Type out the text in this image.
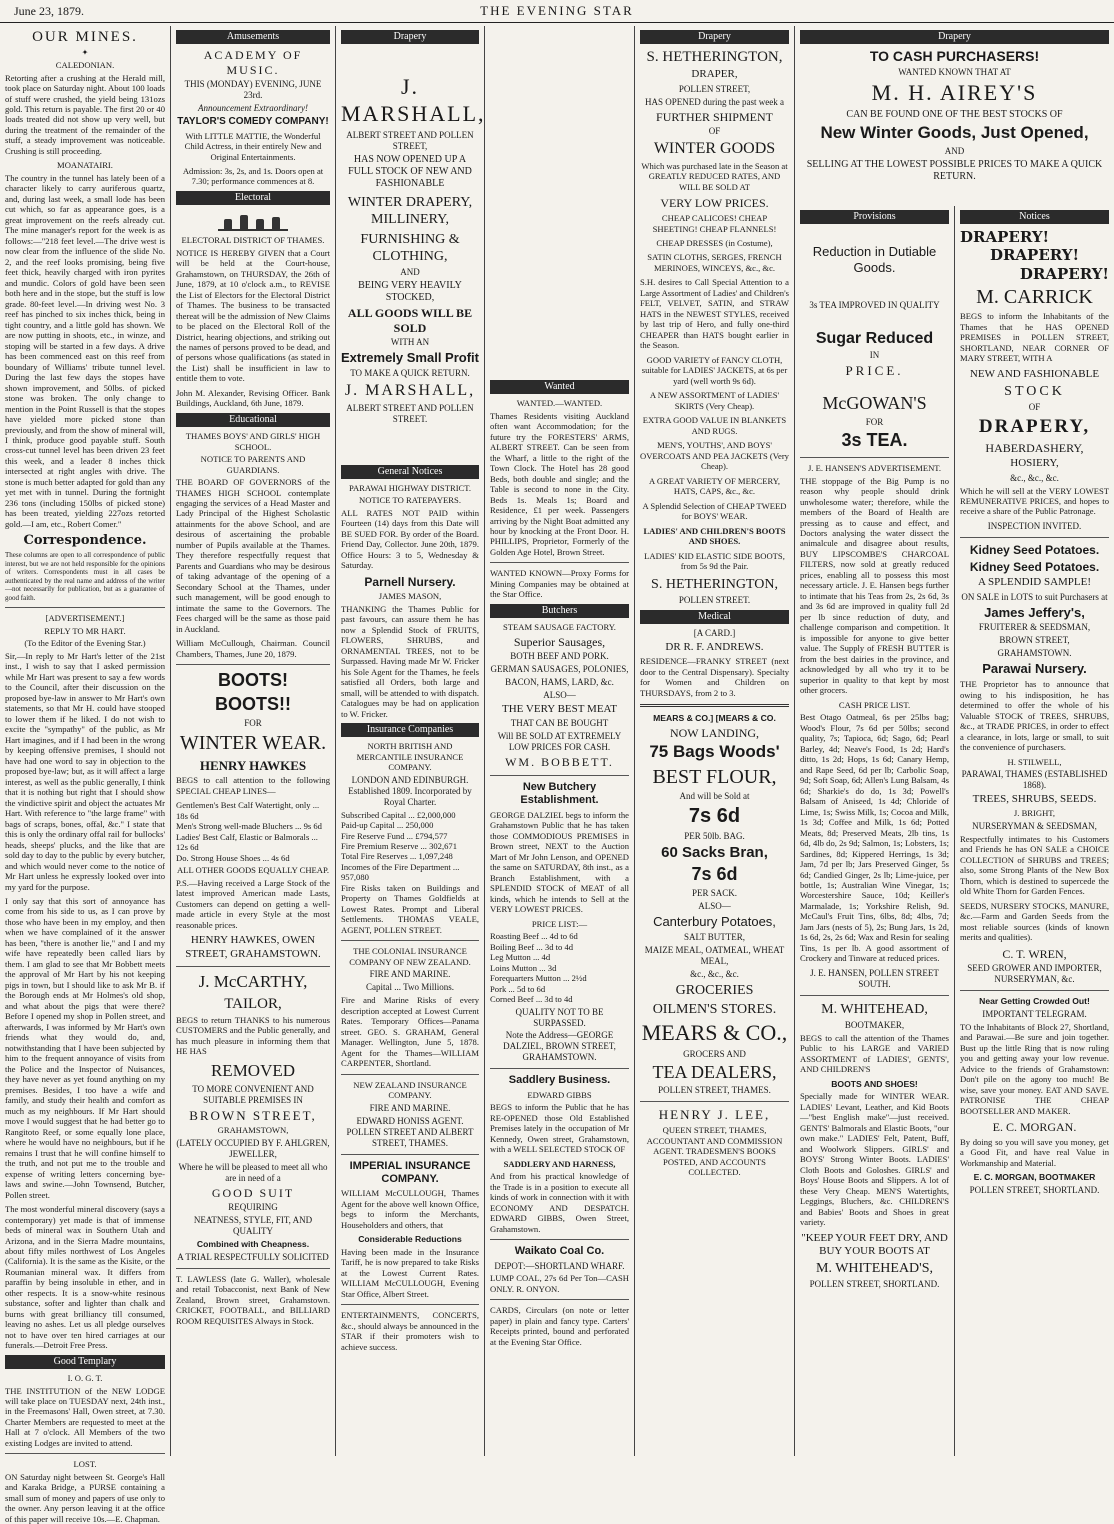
June 23, 1879.	THE EVENING STAR
OUR MINES.
✦
CALEDONIAN.

Retorting after a crushing at the Herald mill, took place on Saturday night. About 100 loads of stuff were crushed, the yield being 131ozs gold. This return is payable. The first 20 or 40 loads treated did not show up very well, but during the treatment of the remainder of the stuff, a steady improvement was noticeable. Crushing is still proceeding.

MOANATAIRI.

The country in the tunnel has lately been of a character likely to carry auriferous quartz, and, during last week, a small lode has been cut which, so far as appearance goes, is a great improvement on the reefs already cut. The mine manager's report for the week is as follows:—"218 feet level.—The drive west is now clear from the influence of the slide No. 2, and the reef looks promising, being five feet thick, heavily charged with iron pyrites and mundic. Colors of gold have been seen both here and in the stope, but the stuff is low grade. 80-feet level.—In driving west No. 3 reef has pinched to six inches thick, being in tight country, and a little gold has shown. We are now putting in shoots, etc., in winze, and stoping will be started in a few days. A drive has been commenced east on this reef from boundary of Williams' tribute tunnel level. During the last few days the stopes have shown improvement, and 50lbs. of picked stone was broken. The only change to mention in the Point Russell is that the stopes have yielded more picked stone than previously, and from the show of mineral will, I think, produce good payable stuff. South cross-cut tunnel level has been driven 23 feet this week, and a leader 8 inches thick intersected at right angles with drive. The stone is much better adapted for gold than any yet met with in tunnel. During the fortnight 236 tons (including 150lbs of picked stone) has been treated, yielding 227ozs retorted gold.—I am, etc., Robert Comer."

Correspondence.

These columns are open to all correspondence of public interest, but we are not held responsible for the opinions of writers. Correspondents must in all cases be authenticated by the real name and address of the writer—not necessarily for publication, but as a guarantee of good faith.

[ADVERTISEMENT.]
REPLY TO MR HART.
(To the Editor of the Evening Star.)

Sir,—In reply to Mr Hart's letter of the 21st inst., I wish to say that I asked permission while Mr Hart was present to say a few words to the Council, after their discussion on the proposed bye-law in answer to Mr Hart's own statements, so that Mr H. could have stooped to lower them if he liked. I do not wish to excite the "sympathy" of the public, as Mr Hart imagines, and if I had been in the wrong by keeping offensive premises, I should not have had one word to say in objection to the proposed bye-law; but, as it will affect a large interest, as well as the public generally, I think that it is nothing but right that I should show the vindictive spirit and object the actuates Mr Hart. With reference to "the large frame" with bags of scraps, bones, offal, &c." I state that this is only the ordinary offal rail for bullocks' heads, sheeps' plucks, and the like that are sold day to day to the public by every butcher, and which would never come to the notice of Mr Hart unless he expressly looked over into my yard for the purpose.

I only say that this sort of annoyance has come from his side to us, as I can prove by those who have been in my employ, and then when we have complained of it the answer has been, "there is another lie," and I and my wife have repeatedly been called liars by them. I am glad to see that Mr Bobbett meets the approval of Mr Hart by his not keeping pigs in town, but I should like to ask Mr B. if the Borough ends at Mr Holmes's old shop, and what about the pigs that were there? Before I opened my shop in Pollen street, and afterwards, I was informed by Mr Hart's own friends what they would do, and, notwithstanding that I have been subjected by him to the frequent annoyance of visits from the Police and the Inspector of Nuisances, they have never as yet found anything on my premises. Besides, I too have a wife and family, and study their health and comfort as much as my neighbours. If Mr Hart should move I would suggest that he had better go to Rangitoto Reef, or some equally lone place, where he would have no neighbours, but if he remains I trust that he will confine himself to the truth, and not put me to the trouble and expense of writing letters concerning bye-laws and swine.—John Townsend, Butcher, Pollen street.

The most wonderful mineral discovery (says a contemporary) yet made is that of immense beds of mineral wax in Southern Utah and Arizona, and in the Sierra Madre mountains, about fifty miles northwest of Los Angeles (California). It is the same as the Kisite, or the Roumanian mineral wax. It differs from paraffin by being insoluble in ether, and in other respects. It is a snow-white resinous substance, softer and lighter than chalk and burns with great brilliancy till consumed, leaving no ashes. Let us all pledge ourselves not to have over ten hired carriages at our funerals.—Detroit Free Press.

Good Templary
I. O. G. T.

THE INSTITUTION of the NEW LODGE will take place on TUESDAY next, 24th inst., in the Freemasons' Hall, Owen street, at 7.30. Charter Members are requested to meet at the Hall at 7 o'clock. All Members of the two existing Lodges are invited to attend.

LOST.

ON Saturday night between St. George's Hall and Karaka Bridge, a PURSE containing a small sum of money and papers of use only to the owner. Any person leaving it at the office of this paper will receive 10s.—E. Chapman.

Amusements
ACADEMY OF MUSIC.
THIS (MONDAY) EVENING, JUNE 23rd.
Announcement Extraordinary!
TAYLOR'S COMEDY COMPANY!

With LITTLE MATTIE, the Wonderful Child Actress, in their entirely New and Original Entertainments.

Admission: 3s, 2s, and 1s. Doors open at 7.30; performance commences at 8.

Electoral
ELECTORAL DISTRICT OF THAMES.

NOTICE IS HEREBY GIVEN that a Court will be held at the Court-house, Grahamstown, on THURSDAY, the 26th of June, 1879, at 10 o'clock a.m., to REVISE the List of Electors for the Electoral District of Thames. The business to be transacted thereat will be the admission of New Claims to be placed on the Electoral Roll of the District, hearing objections, and striking out the names of persons proved to be dead, and of persons whose qualifications (as stated in the List) shall be insufficient in law to entitle them to vote.

John M. Alexander, Revising Officer. Bank Buildings, Auckland, 6th June, 1879.

Educational
THAMES BOYS' AND GIRLS' HIGH SCHOOL.
NOTICE TO PARENTS AND GUARDIANS.

THE BOARD OF GOVERNORS of the THAMES HIGH SCHOOL contemplate engaging the services of a Head Master and Lady Principal of the Highest Scholastic attainments for the above School, and are desirous of ascertaining the probable number of Pupils available at the Thames. They therefore respectfully request that Parents and Guardians who may be desirous of taking advantage of the opening of a Secondary School at the Thames, under such management, will be good enough to intimate the same to the Governors. The Fees charged will be the same as those paid in Auckland.

William McCullough, Chairman. Council Chambers, Thames, June 20, 1879.

BOOTS!
BOOTS!!
FOR
WINTER WEAR.
HENRY HAWKES

BEGS to call attention to the following SPECIAL CHEAP LINES—

Gentlemen's Best Calf Watertight, only ... 18s 6d
Men's Strong well-made Bluchers ... 9s 6d
Ladies' Best Calf, Elastic or Balmorals ... 12s 6d
Do. Strong House Shoes ... 4s 6d
ALL OTHER GOODS EQUALLY CHEAP.

P.S.—Having received a Large Stock of the latest improved American made Lasts, Customers can depend on getting a well-made article in every Style at the most reasonable prices.

HENRY HAWKES, OWEN STREET, GRAHAMSTOWN.
J. McCARTHY,
TAILOR,

BEGS to return THANKS to his numerous CUSTOMERS and the Public generally, and has much pleasure in informing them that HE HAS

REMOVED
TO MORE CONVENIENT AND SUITABLE PREMISES IN
BROWN STREET,
GRAHAMSTOWN,
(LATELY OCCUPIED BY F. AHLGREN, JEWELLER,
Where he will be pleased to meet all who are in need of a
GOOD SUIT
REQUIRING
NEATNESS, STYLE, FIT, AND QUALITY
Combined with Cheapness.
A TRIAL RESPECTFULLY SOLICITED

T. LAWLESS (late G. Waller), wholesale and retail Tobacconist, next Bank of New Zealand, Brown street, Grahamstown. CRICKET, FOOTBALL, and BILLIARD ROOM REQUISITES Always in Stock.

Drapery
J. MARSHALL,
ALBERT STREET AND POLLEN STREET,

HAS NOW OPENED UP A FULL STOCK OF NEW AND FASHIONABLE

WINTER DRAPERY, MILLINERY,
FURNISHING & CLOTHING,
AND
BEING VERY HEAVILY STOCKED,
ALL GOODS WILL BE SOLD
WITH AN
Extremely Small Profit
TO MAKE A QUICK RETURN.
J. MARSHALL,
ALBERT STREET AND POLLEN STREET.
General Notices
PARAWAI HIGHWAY DISTRICT.
NOTICE TO RATEPAYERS.

ALL RATES NOT PAID within Fourteen (14) days from this Date will BE SUED FOR. By order of the Board. Friend Day, Collector. June 20th, 1879. Office Hours: 3 to 5, Wednesday & Saturday.

Parnell Nursery.
JAMES MASON,

THANKING the Thames Public for past favours, can assure them he has now a Splendid Stock of FRUITS, FLOWERS, SHRUBS, and ORNAMENTAL TREES, not to be Surpassed. Having made Mr W. Fricker his Sole Agent for the Thames, he feels satisfied all Orders, both large and small, will be attended to with dispatch. Catalogues may be had on application to W. Fricker.

Insurance Companies
NORTH BRITISH AND MERCANTILE INSURANCE COMPANY.
LONDON AND EDINBURGH. Established 1809. Incorporated by Royal Charter.
Subscribed Capital ... £2,000,000
Paid-up Capital ... 250,000
Fire Reserve Fund ... £794,577
Fire Premium Reserve ... 302,671
Total Fire Reserves ... 1,097,248
Incomes of the Fire Department ... 957,080

Fire Risks taken on Buildings and Property on Thames Goldfields at Lowest Rates. Prompt and Liberal Settlements. THOMAS VEALE, AGENT, POLLEN STREET.

THE COLONIAL INSURANCE COMPANY OF NEW ZEALAND.
FIRE AND MARINE.
Capital ... Two Millions.

Fire and Marine Risks of every description accepted at Lowest Current Rates. Temporary Offices—Panama street. GEO. S. GRAHAM, General Manager. Wellington, June 5, 1878. Agent for the Thames—WILLIAM CARPENTER, Shortland.

NEW ZEALAND INSURANCE COMPANY.
FIRE AND MARINE.
EDWARD HONISS AGENT. POLLEN STREET AND ALBERT STREET, THAMES.
IMPERIAL INSURANCE COMPANY.

WILLIAM McCULLOUGH, Thames Agent for the above well known Office, begs to inform the Merchants, Householders and others, that

Considerable Reductions

Having been made in the Insurance Tariff, he is now prepared to take Risks at the Lowest Current Rates. WILLIAM McCULLOUGH, Evening Star Office, Albert Street.

ENTERTAINMENTS, CONCERTS, &c., should always be announced in the STAR if their promoters wish to achieve success.

Wanted
WANTED.—WANTED.

Thames Residents visiting Auckland often want Accommodation; for the future try the FORESTERS' ARMS, ALBERT STREET. Can be seen from the Wharf, a little to the right of the Town Clock. The Hotel has 28 good Beds, both double and single; and the Table is second to none in the City. Beds 1s. Meals 1s; Board and Residence, £1 per week. Passengers arriving by the Night Boat admitted any hour by knocking at the Front Door. H. PHILLIPS, Proprietor, Formerly of the Golden Age Hotel, Brown Street.

WANTED KNOWN—Proxy Forms for Mining Companies may be obtained at the Star Office.

Butchers
STEAM SAUSAGE FACTORY.
Superior Sausages,
BOTH BEEF AND PORK.
GERMAN SAUSAGES, POLONIES,
BACON, HAMS, LARD, &c.
ALSO—
THE VERY BEST MEAT
THAT CAN BE BOUGHT
Will BE SOLD AT EXTREMELY LOW PRICES FOR CASH.
WM. BOBBETT.
New Butchery Establishment.

GEORGE DALZIEL begs to inform the Grahamstown Public that he has taken those COMMODIOUS PREMISES in Brown street, NEXT to the Auction Mart of Mr John Lenson, and OPENED the same on SATURDAY, 8th inst., as a Branch Establishment, with a SPLENDID STOCK of MEAT of all kinds, which he intends to Sell at the VERY LOWEST PRICES.

PRICE LIST:—
Roasting Beef ... 4d to 6d
Boiling Beef ... 3d to 4d
Leg Mutton ... 4d
Loins Mutton ... 3d
Forequarters Mutton ... 2½d
Pork ... 5d to 6d
Corned Beef ... 3d to 4d
QUALITY NOT TO BE SURPASSED.
Note the Address—GEORGE DALZIEL, BROWN STREET, GRAHAMSTOWN.
Saddlery Business.
EDWARD GIBBS

BEGS to inform the Public that he has RE-OPENED those Old Established Premises lately in the occupation of Mr Kennedy, Owen street, Grahamstown, with a WELL SELECTED STOCK OF

SADDLERY AND HARNESS,

And from his practical knowledge of the Trade is in a position to execute all kinds of work in connection with it with ECONOMY AND DESPATCH. EDWARD GIBBS, Owen Street, Grahamstown.

Waikato Coal Co.
DEPOT:—SHORTLAND WHARF.

LUMP COAL, 27s 6d Per Ton—CASH ONLY. R. ONYON.

CARDS, Circulars (on note or letter paper) in plain and fancy type. Carters' Receipts printed, bound and perforated at the Evening Star Office.

Drapery
S. HETHERINGTON,
DRAPER,
POLLEN STREET,
HAS OPENED during the past week a
FURTHER SHIPMENT
OF
WINTER GOODS

Which was purchased late in the Season at GREATLY REDUCED RATES, AND WILL BE SOLD AT

VERY LOW PRICES.

CHEAP CALICOES! CHEAP SHEETING! CHEAP FLANNELS!

CHEAP DRESSES (in Costume),

SATIN CLOTHS, SERGES, FRENCH MERINOES, WINCEYS, &c., &c.

S.H. desires to Call Special Attention to a Large Assortment of Ladies' and Children's FELT, VELVET, SATIN, and STRAW HATS in the NEWEST STYLES, received by last trip of Hero, and fully one-third CHEAPER than HATS bought earlier in the Season.

GOOD VARIETY of FANCY CLOTH, suitable for LADIES' JACKETS, at 6s per yard (well worth 9s 6d).

A NEW ASSORTMENT of LADIES' SKIRTS (Very Cheap).

EXTRA GOOD VALUE IN BLANKETS AND RUGS.

MEN'S, YOUTHS', AND BOYS' OVERCOATS AND PEA JACKETS (Very Cheap).

A GREAT VARIETY OF MERCERY, HATS, CAPS, &c., &c.

A Splendid Selection of CHEAP TWEED for BOYS' WEAR.

LADIES' AND CHILDREN'S BOOTS AND SHOES.

LADIES' KID ELASTIC SIDE BOOTS, from 5s 9d the Pair.

S. HETHERINGTON,
POLLEN STREET.
Medical
[A CARD.]
DR R. F. ANDREWS.

RESIDENCE—FRANKY STREET (next door to the Central Dispensary). Specialty for Women and Children on THURSDAYS, from 2 to 3.

MEARS & CO.] [MEARS & CO.
NOW LANDING,
75 Bags Woods'
BEST FLOUR,
And will be Sold at
7s 6d
PER 50lb. BAG.
60 Sacks Bran,
7s 6d
PER SACK.
ALSO—
Canterbury Potatoes,
SALT BUTTER,
MAIZE MEAL, OATMEAL, WHEAT MEAL,
&c., &c., &c.
GROCERIES
OILMEN'S STORES.
MEARS & CO.,
GROCERS AND
TEA DEALERS,
POLLEN STREET, THAMES.
HENRY J. LEE,

QUEEN STREET, THAMES, ACCOUNTANT AND COMMISSION AGENT. TRADESMEN'S BOOKS POSTED, AND ACCOUNTS COLLECTED.

Drapery
TO CASH PURCHASERS!
WANTED KNOWN THAT AT
M. H. AIREY'S
CAN BE FOUND ONE OF THE BEST STOCKS OF
New Winter Goods, Just Opened,
AND
SELLING AT THE LOWEST POSSIBLE PRICES TO MAKE A QUICK RETURN.
Provisions
Reduction in Dutiable Goods.
3s TEA IMPROVED IN QUALITY
Sugar Reduced
IN
PRICE.
McGOWAN'S
FOR
3s TEA.
J. E. HANSEN'S ADVERTISEMENT.

THE stoppage of the Big Pump is no reason why people should drink unwholesome water; therefore, while the members of the Board of Health are pressing as to cause and effect, and Doctors analysing the water dissect the animalcule and disagree about results, BUY LIPSCOMBE'S CHARCOAL FILTERS, now sold at greatly reduced prices, enabling all to possess this most necessary article. J. E. Hansen begs further to intimate that his Teas from 2s, 2s 6d, 3s and 3s 6d are improved in quality full 2d per lb since reduction of duty, and challenge comparison and competition. It is impossible for anyone to give better value. The Supply of FRESH BUTTER is from the best dairies in the province, and acknowledged by all who try it to be superior in quality to that kept by most other grocers.

CASH PRICE LIST.

Best Otago Oatmeal, 6s per 25lbs bag; Wood's Flour, 7s 6d per 50lbs; second quality, 7s; Tapioca, 6d; Sago, 6d; Pearl Barley, 4d; Neave's Food, 1s 2d; Hard's ditto, 1s 2d; Hops, 1s 6d; Canary Hemp, and Rape Seed, 6d per lb; Carbolic Soap, 9d; Soft Soap, 6d; Allen's Lung Balsam, 4s 6d; Sharkie's do do, 1s 3d; Powell's Balsam of Aniseed, 1s 4d; Chloride of Lime, 1s; Swiss Milk, 1s; Cocoa and Milk, 1s 3d; Coffee and Milk, 1s 6d; Potted Meats, 8d; Preserved Meats, 2lb tins, 1s 6d, 4lb do, 2s 9d; Salmon, 1s; Lobsters, 1s; Sardines, 8d; Kippered Herrings, 1s 3d; Jam, 7d per lb; Jars Preserved Ginger, 5s 6d; Candied Ginger, 2s lb; Lime-juice, per bottle, 1s; Australian Wine Vinegar, 1s; Worcestershire Sauce, 10d; Keiller's Marmalade, 1s; Yorkshire Relish, 9d. McCaul's Fruit Tins, 6lbs, 8d; 4lbs, 7d; Jam Jars (nests of 5), 2s; Bung Jars, 1s 2d, 1s 6d, 2s, 2s 6d; Wax and Resin for sealing Tins, 1s per lb. A good assortment of Crockery and Tinware at reduced prices.

J. E. HANSEN, POLLEN STREET SOUTH.
M. WHITEHEAD,
BOOTMAKER,

BEGS to call the attention of the Thames Public to his LARGE and VARIED ASSORTMENT of LADIES', GENTS', AND CHILDREN'S

BOOTS AND SHOES!

Specially made for WINTER WEAR. LADIES' Levant, Leather, and Kid Boots—"best English make"—just received. GENTS' Balmorals and Elastic Boots, "our own make." LADIES' Felt, Patent, Buff, and Woolwork Slippers. GIRLS' and BOYS' Strong Winter Boots. LADIES' Cloth Boots and Goloshes. GIRLS' and Boys' House Boots and Slippers. A lot of these Very Cheap. MEN'S Watertights, Leggings, Bluchers, &c. CHILDREN'S and Babies' Boots and Shoes in great variety.

"KEEP YOUR FEET DRY, AND BUY YOUR BOOTS AT
M. WHITEHEAD'S,
POLLEN STREET, SHORTLAND.
Notices
DRAPERY!
DRAPERY!
DRAPERY!
M. CARRICK

BEGS to inform the Inhabitants of the Thames that he HAS OPENED PREMISES in POLLEN STREET, SHORTLAND, NEAR CORNER OF MARY STREET, WITH A

NEW AND FASHIONABLE
STOCK
OF
DRAPERY,
HABERDASHERY,
HOSIERY,
&c., &c., &c.

Which he will sell at the VERY LOWEST REMUNERATIVE PRICES, and hopes to receive a share of the Public Patronage.

INSPECTION INVITED.
Kidney Seed Potatoes.
Kidney Seed Potatoes.
A SPLENDID SAMPLE!
ON SALE in LOTS to suit Purchasers at
James Jeffery's,
FRUITERER & SEEDSMAN,
BROWN STREET,
GRAHAMSTOWN.
Parawai Nursery.

THE Proprietor has to announce that owing to his indisposition, he has determined to offer the whole of his Valuable STOCK of TREES, SHRUBS, &c., at TRADE PRICES, in order to effect a clearance, in lots, large or small, to suit the convenience of purchasers.

H. STILWELL,
PARAWAI, THAMES (ESTABLISHED 1868).
TREES, SHRUBS, SEEDS.
J. BRIGHT,
NURSERYMAN & SEEDSMAN,

Respectfully intimates to his Customers and Friends he has ON SALE a CHOICE COLLECTION of SHRUBS and TREES; also, some Strong Plants of the New Box Thorn, which is destined to supercede the old White Thorn for Garden Fences.

SEEDS, NURSERY STOCKS, MANURE, &c.—Farm and Garden Seeds from the most reliable sources (kinds of known merits and qualities).

C. T. WREN,
SEED GROWER AND IMPORTER, NURSERYMAN, &c.
Near Getting Crowded Out!
IMPORTANT TELEGRAM.

TO the Inhabitants of Block 27, Shortland, and Parawai.—Be sure and join together. Bust up the little Ring that is now ruling you and getting away your low revenue. Advice to the friends of Grahamstown: Don't pile on the agony too much! Be wise, save your money. EAT AND SAVE. PATRONISE THE CHEAP BOOTSELLER AND MAKER.

E. C. MORGAN.

By doing so you will save you money, get a Good Fit, and have real Value in Workmanship and Material.

E. C. MORGAN, BOOTMAKER
POLLEN STREET, SHORTLAND.
